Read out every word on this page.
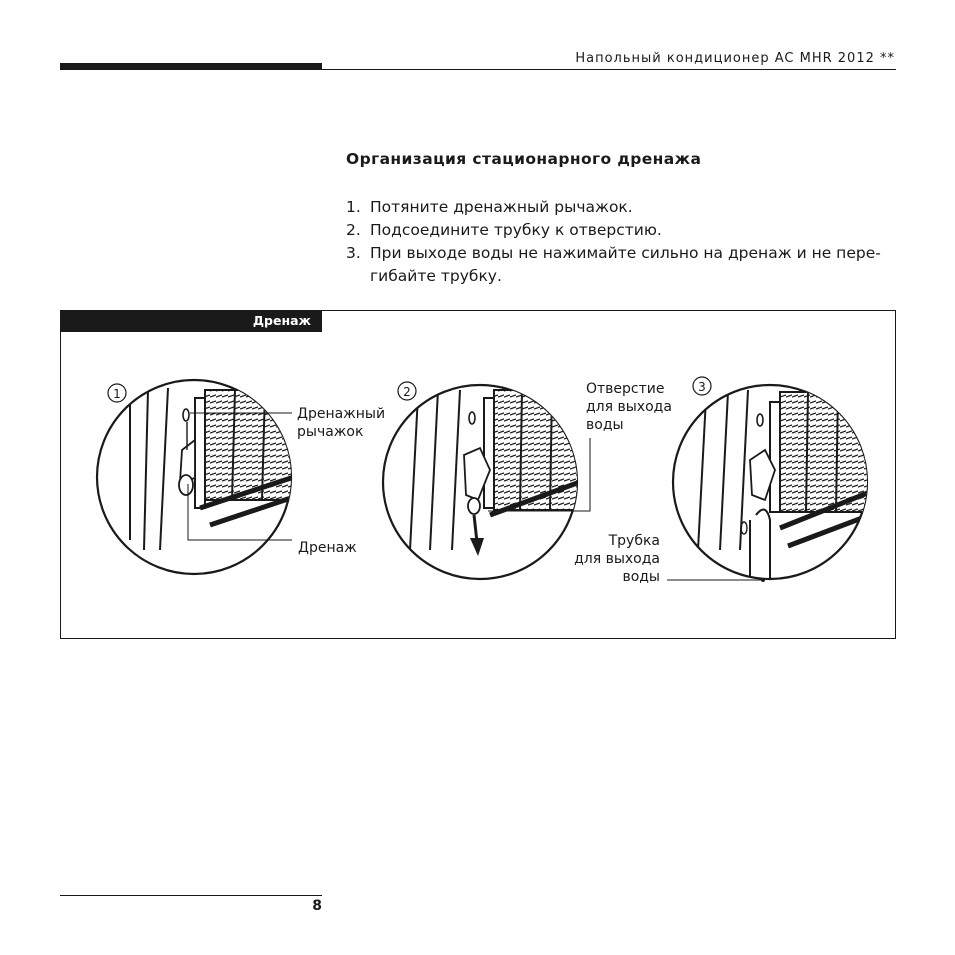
Напольный кондиционер AC MHR 2012 **
Организация стационарного дренажа
1. Потяните дренажный рычажок.
2. Подсоедините трубку к отверстию.
3. При выходе воды не нажимайте сильно на дренаж и не пере-гибайте трубку.
Дренаж
1	2	3
Дренажный
рычажок
Дренаж
Отверстие
для выхода
воды
Трубка
для выхода
воды
8
